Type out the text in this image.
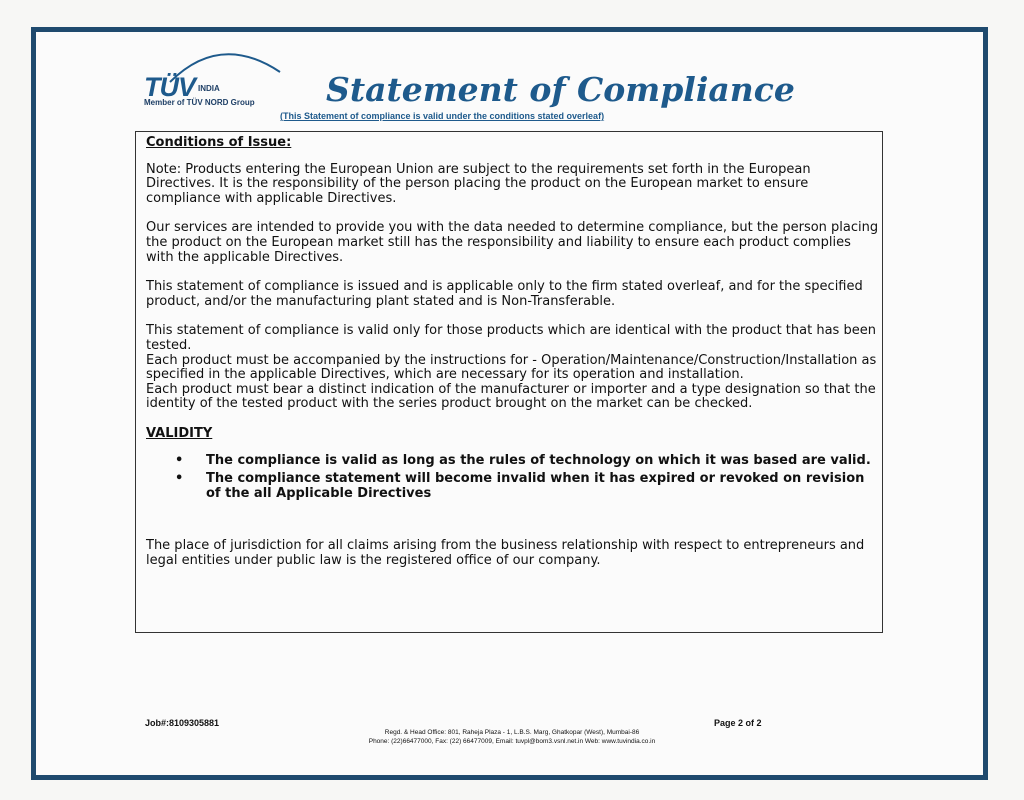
TÜV INDIA
Member of TÜV NORD Group Statement of Compliance
(This Statement of compliance is valid under the conditions stated overleaf)
Conditions of Issue:
Note: Products entering the European Union are subject to the requirements set forth in the European Directives. It is the responsibility of the person placing the product on the European market to ensure compliance with applicable Directives.
Our services are intended to provide you with the data needed to determine compliance, but the person placing the product on the European market still has the responsibility and liability to ensure each product complies with the applicable Directives.
This statement of compliance is issued and is applicable only to the firm stated overleaf, and for the specified product, and/or the manufacturing plant stated and is Non-Transferable.

This statement of compliance is valid only for those products which are identical with the product that has been tested.

Each product must be accompanied by the instructions for - Operation/Maintenance/Construction/Installation as specified in the applicable Directives, which are necessary for its operation and installation.

Each product must bear a distinct indication of the manufacturer or importer and a type designation so that the identity of the tested product with the series product brought on the market can be checked.

VALIDITY
• The compliance is valid as long as the rules of technology on which it was based are valid.
• The compliance statement will become invalid when it has expired or revoked on revision of the all Applicable Directives
The place of jurisdiction for all claims arising from the business relationship with respect to entrepreneurs and legal entities under public law is the registered office of our company.
Job#:8109305881	Page 2 of 2
Regd. & Head Office: 801, Raheja Plaza - 1, L.B.S. Marg, Ghatkopar (West), Mumbai-86
Phone: (22)66477000, Fax: (22) 66477009, Email: tuvpl@bom3.vsnl.net.in Web: www.tuvindia.co.in
